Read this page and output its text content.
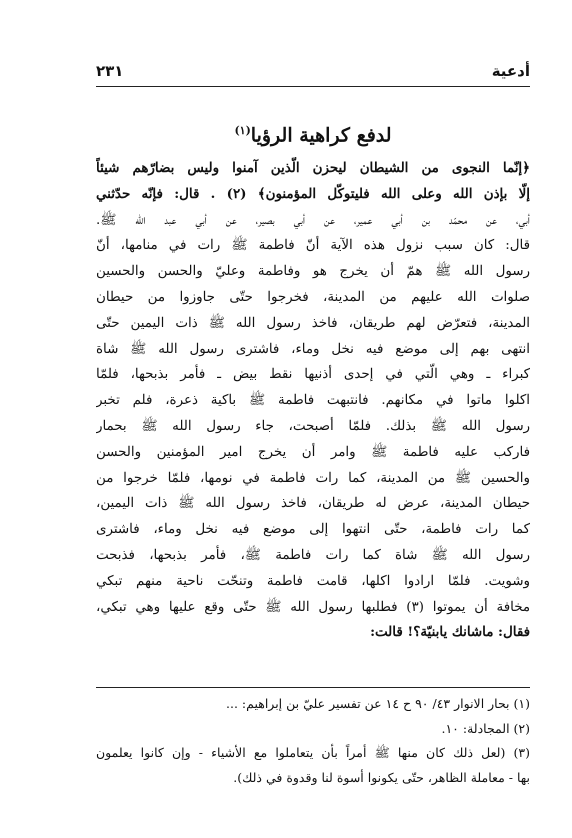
أدعية
٢٣١
لدفع كراهية الرؤيا$^{(١)}$
﴿إنّما النجوى من الشيطان ليحزن الّذين آمنوا وليس بضارّهم شيئاً
إلّا بإذن الله وعلى الله فليتوكّل المؤمنون﴾ (٢) . قال: فإنّه حدّثني
أبي، عن محمّد بن أبي عمير، عن أبي بصير، عن أبي عبد الله ﷺ.
قال: كان سبب نزول هذه الآية أنّ فاطمة ﷺ رات في منامها، أنّ
رسول الله ﷺ همّ أن يخرج هو وفاطمة وعليّ والحسن والحسين
صلوات الله عليهم من المدينة، فخرجوا حتّى جاوزوا من حيطان
المدينة، فتعرّض لهم طريقان، فاخذ رسول الله ﷺ ذات اليمين حتّى
انتهى بهم إلى موضع فيه نخل وماء، فاشترى رسول الله ﷺ شاة
كبراء ـ وهي الّتي في إحدى أذنيها نقط بيض ـ فأمر بذبحها، فلمّا
اكلوا ماتوا في مكانهم. فانتبهت فاطمة ﷺ باكية ذعرة، فلم تخبر
رسول الله ﷺ بذلك. فلمّا أصبحت، جاء رسول الله ﷺ بحمار
فاركب عليه فاطمة ﷺ وامر أن يخرج امير المؤمنين والحسن
والحسين ﷺ من المدينة، كما رات فاطمة في نومها، فلمّا خرجوا من
حيطان المدينة، عرض له طريقان، فاخذ رسول الله ﷺ ذات اليمين،
كما رات فاطمة، حتّى انتهوا إلى موضع فيه نخل وماء، فاشترى
رسول الله ﷺ شاة كما رات فاطمة ﷺ، فأمر بذبحها، فذبحت
وشويت. فلمّا ارادوا اكلها، قامت فاطمة وتنحّت ناحية منهم تبكي
مخافة أن يموتوا (٣) فطلبها رسول الله ﷺ حتّى وقع عليها وهي تبكي،
فقال: ماشانك يابنيّة؟! قالت:
(١) بحار الانوار ٤٣/ ٩٠ ح ١٤ عن تفسير عليّ بن إبراهيم: ...
(٢) المجادلة: ١٠.
(٣) (لعل ذلك كان منها ﷺ أمراً بأن يتعاملوا مع الأشياء - وإن كانوا يعلمون
بها - معاملة الظاهر، حتّى يكونوا أسوة لنا وقدوة في ذلك).
